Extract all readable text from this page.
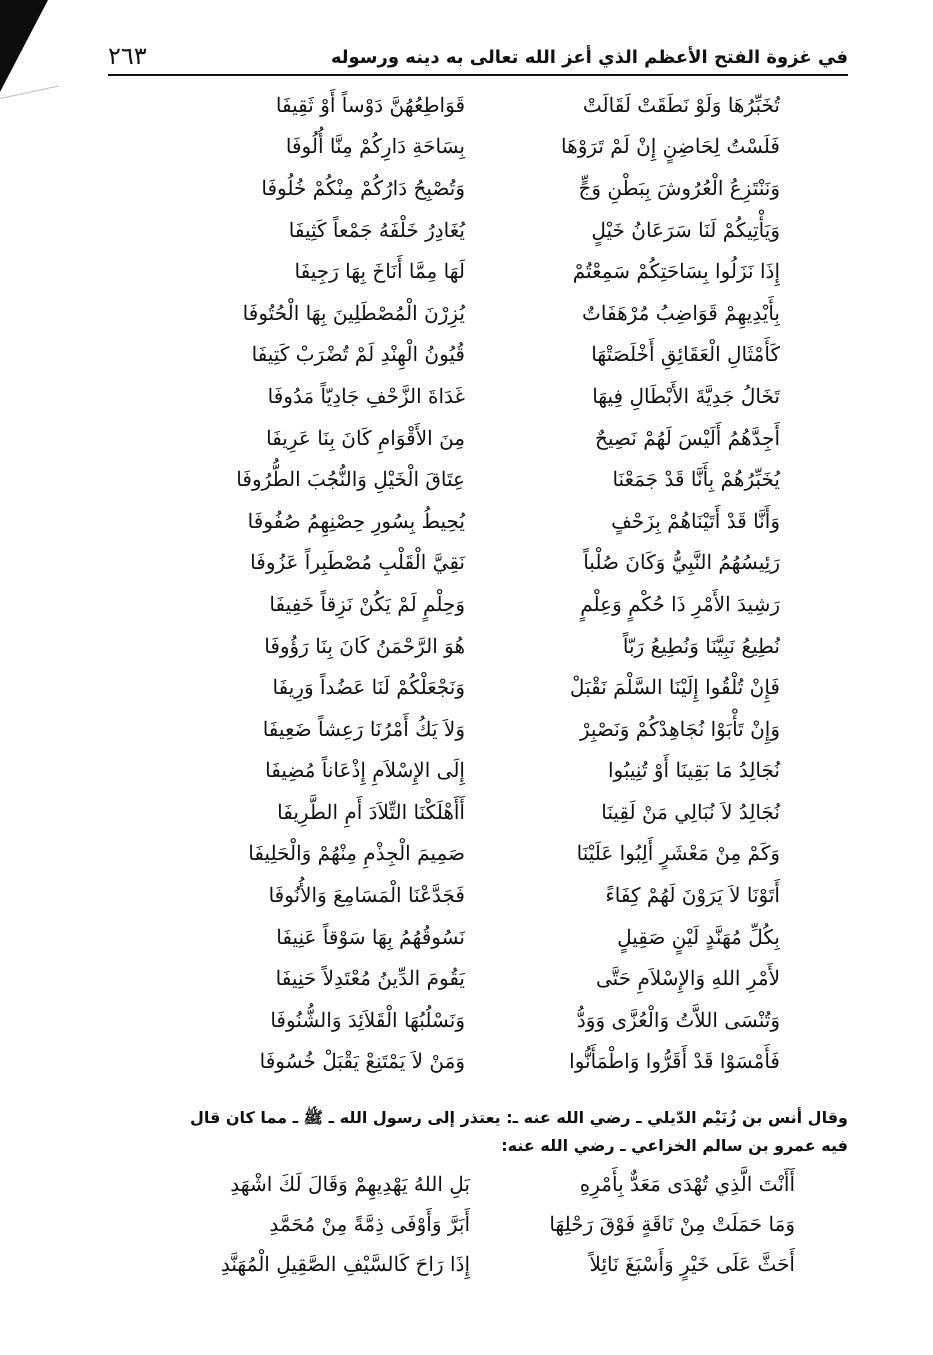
في غزوة الفتح الأعظم الذي أعز الله تعالى به دينه ورسوله
٢٦٣
تُخَبِّرُهَا وَلَوْ نَطَقَتْ لَقَالَتْ
قَوَاطِعُهُنَّ دَوْساً أَوْ ثَقِيفَا
فَلَسْتُ لِحَاضِنٍ إِنْ لَمْ تَرَوْهَا
بِسَاحَةِ دَارِكُمْ مِنَّا أُلُوفَا
وَنَنْتَزِعُ الْعُرُوشَ بِبَطْنِ وَجٍّ
وَتُصْبِحُ دَارُكُمْ مِنْكُمْ خُلُوفَا
وَيَأْتِيكُمْ لَنَا سَرَعَانُ خَيْلٍ
يُغَادِرُ خَلْفَهُ جَمْعاً كَثِيفَا
إِذَا نَزَلُوا بِسَاحَتِكُمْ سَمِعْتُمْ
لَهَا مِمَّا أَنَاخَ بِهَا رَجِيفَا
بِأَيْدِيهِمْ قَوَاضِبُ مُرْهَفَاتٌ
يُزِرْنَ الْمُصْطَلِينَ بِهَا الْحُتُوفَا
كَأَمْثَالِ الْعَقَائِقِ أَخْلَصَتْهَا
قُيُونُ الْهِنْدِ لَمْ تُضْرَبْ كَتِيفَا
تَخَالُ جَدِيَّةَ الأَبْطَالِ فِيهَا
غَدَاةَ الزَّحْفِ جَادِيّاً مَدُوفَا
أَجِدَّهُمُ أَلَيْسَ لَهُمْ نَصِيحٌ
مِنَ الأَقْوَامِ كَانَ بِنَا عَرِيفَا
يُخَبِّرُهُمْ بِأَنَّا قَدْ جَمَعْنَا
عِتَاقَ الْخَيْلِ وَالنُّجُبَ الطُّرُوفَا
وَأَنَّا قَدْ أَتَيْنَاهُمْ بِزَحْفٍ
يُحِيطُ بِسُورِ حِصْنِهِمُ صُفُوفَا
رَئِيسُهُمُ النَّبِيُّ وَكَانَ صُلْباً
نَقِيَّ الْقَلْبِ مُصْطَبِراً عَزُوفَا
رَشِيدَ الأَمْرِ ذَا حُكْمٍ وَعِلْمٍ
وَحِلْمٍ لَمْ يَكُنْ نَزِقاً خَفِيفَا
نُطِيعُ نَبِيَّنَا وَنُطِيعُ رَبّاً
هُوَ الرَّحْمَنُ كَانَ بِنَا رَؤُوفَا
فَإِنْ تُلْقُوا إِلَيْنَا السَّلْمَ نَقْبَلْ
وَنَجْعَلْكُمْ لَنَا عَضُداً وَرِيفَا
وَإِنْ تَأْبَوْا نُجَاهِدْكُمْ وَنَصْبِرْ
وَلاَ يَكُ أَمْرُنَا رَعِشاً ضَعِيفَا
نُجَالِدُ مَا بَقِينَا أَوْ تُنِيبُوا
إِلَى الإِسْلاَمِ إِذْعَاناً مُضِيفَا
نُجَالِدُ لاَ نُبَالِي مَنْ لَقِينَا
أَأَهْلَكْنَا التِّلاَدَ أَمِ الطَّرِيفَا
وَكَمْ مِنْ مَعْشَرٍ أَلِبُوا عَلَيْنَا
صَمِيمَ الْجِذْمِ مِنْهُمْ وَالْحَلِيفَا
أَتَوْنَا لاَ يَرَوْنَ لَهُمْ كِفَاءً
فَجَدَّعْنَا الْمَسَامِعَ وَالأُنُوفَا
بِكُلِّ مُهَنَّدٍ لَيْنٍ صَقِيلٍ
نَسُوقُهُمُ بِهَا سَوْقاً عَنِيفَا
لأَمْرِ اللهِ وَالإِسْلاَمِ حَتَّى
يَقُومَ الدِّينُ مُعْتَدِلاً حَنِيفَا
وَتُنْسَى اللاَّتُ وَالْعُزَّى وَوَدُّ
وَنَسْلُبُهَا الْقَلاَئِدَ وَالشُّنُوفَا
فَأَمْسَوْا قَدْ أَقَرُّوا وَاطْمَأَنُّوا
وَمَنْ لاَ يَمْتَنِعْ يَقْبَلْ خُسُوفَا

وقال أنس بن زُنَيْم الدّيلي ـ رضي الله عنه ـ: يعتذر إلى رسول الله ـ ﷺ ـ مما كان قال

فيه عمرو بن سالم الخزاعي ـ رضي الله عنه:

أَأَنْتَ الَّذِي تُهْدَى مَعَدٌّ بِأَمْرِهِ
بَلِ اللهُ يَهْدِيهِمْ وَقَالَ لَكَ اشْهَدِ
وَمَا حَمَلَتْ مِنْ نَاقَةٍ فَوْقَ رَحْلِهَا
أَبَرَّ وَأَوْفَى ذِمَّةً مِنْ مُحَمَّدِ
أَحَثَّ عَلَى خَيْرٍ وَأَسْبَغَ نَائِلاً
إِذَا رَاحَ كَالسَّيْفِ الصَّقِيلِ الْمُهَنَّدِ
